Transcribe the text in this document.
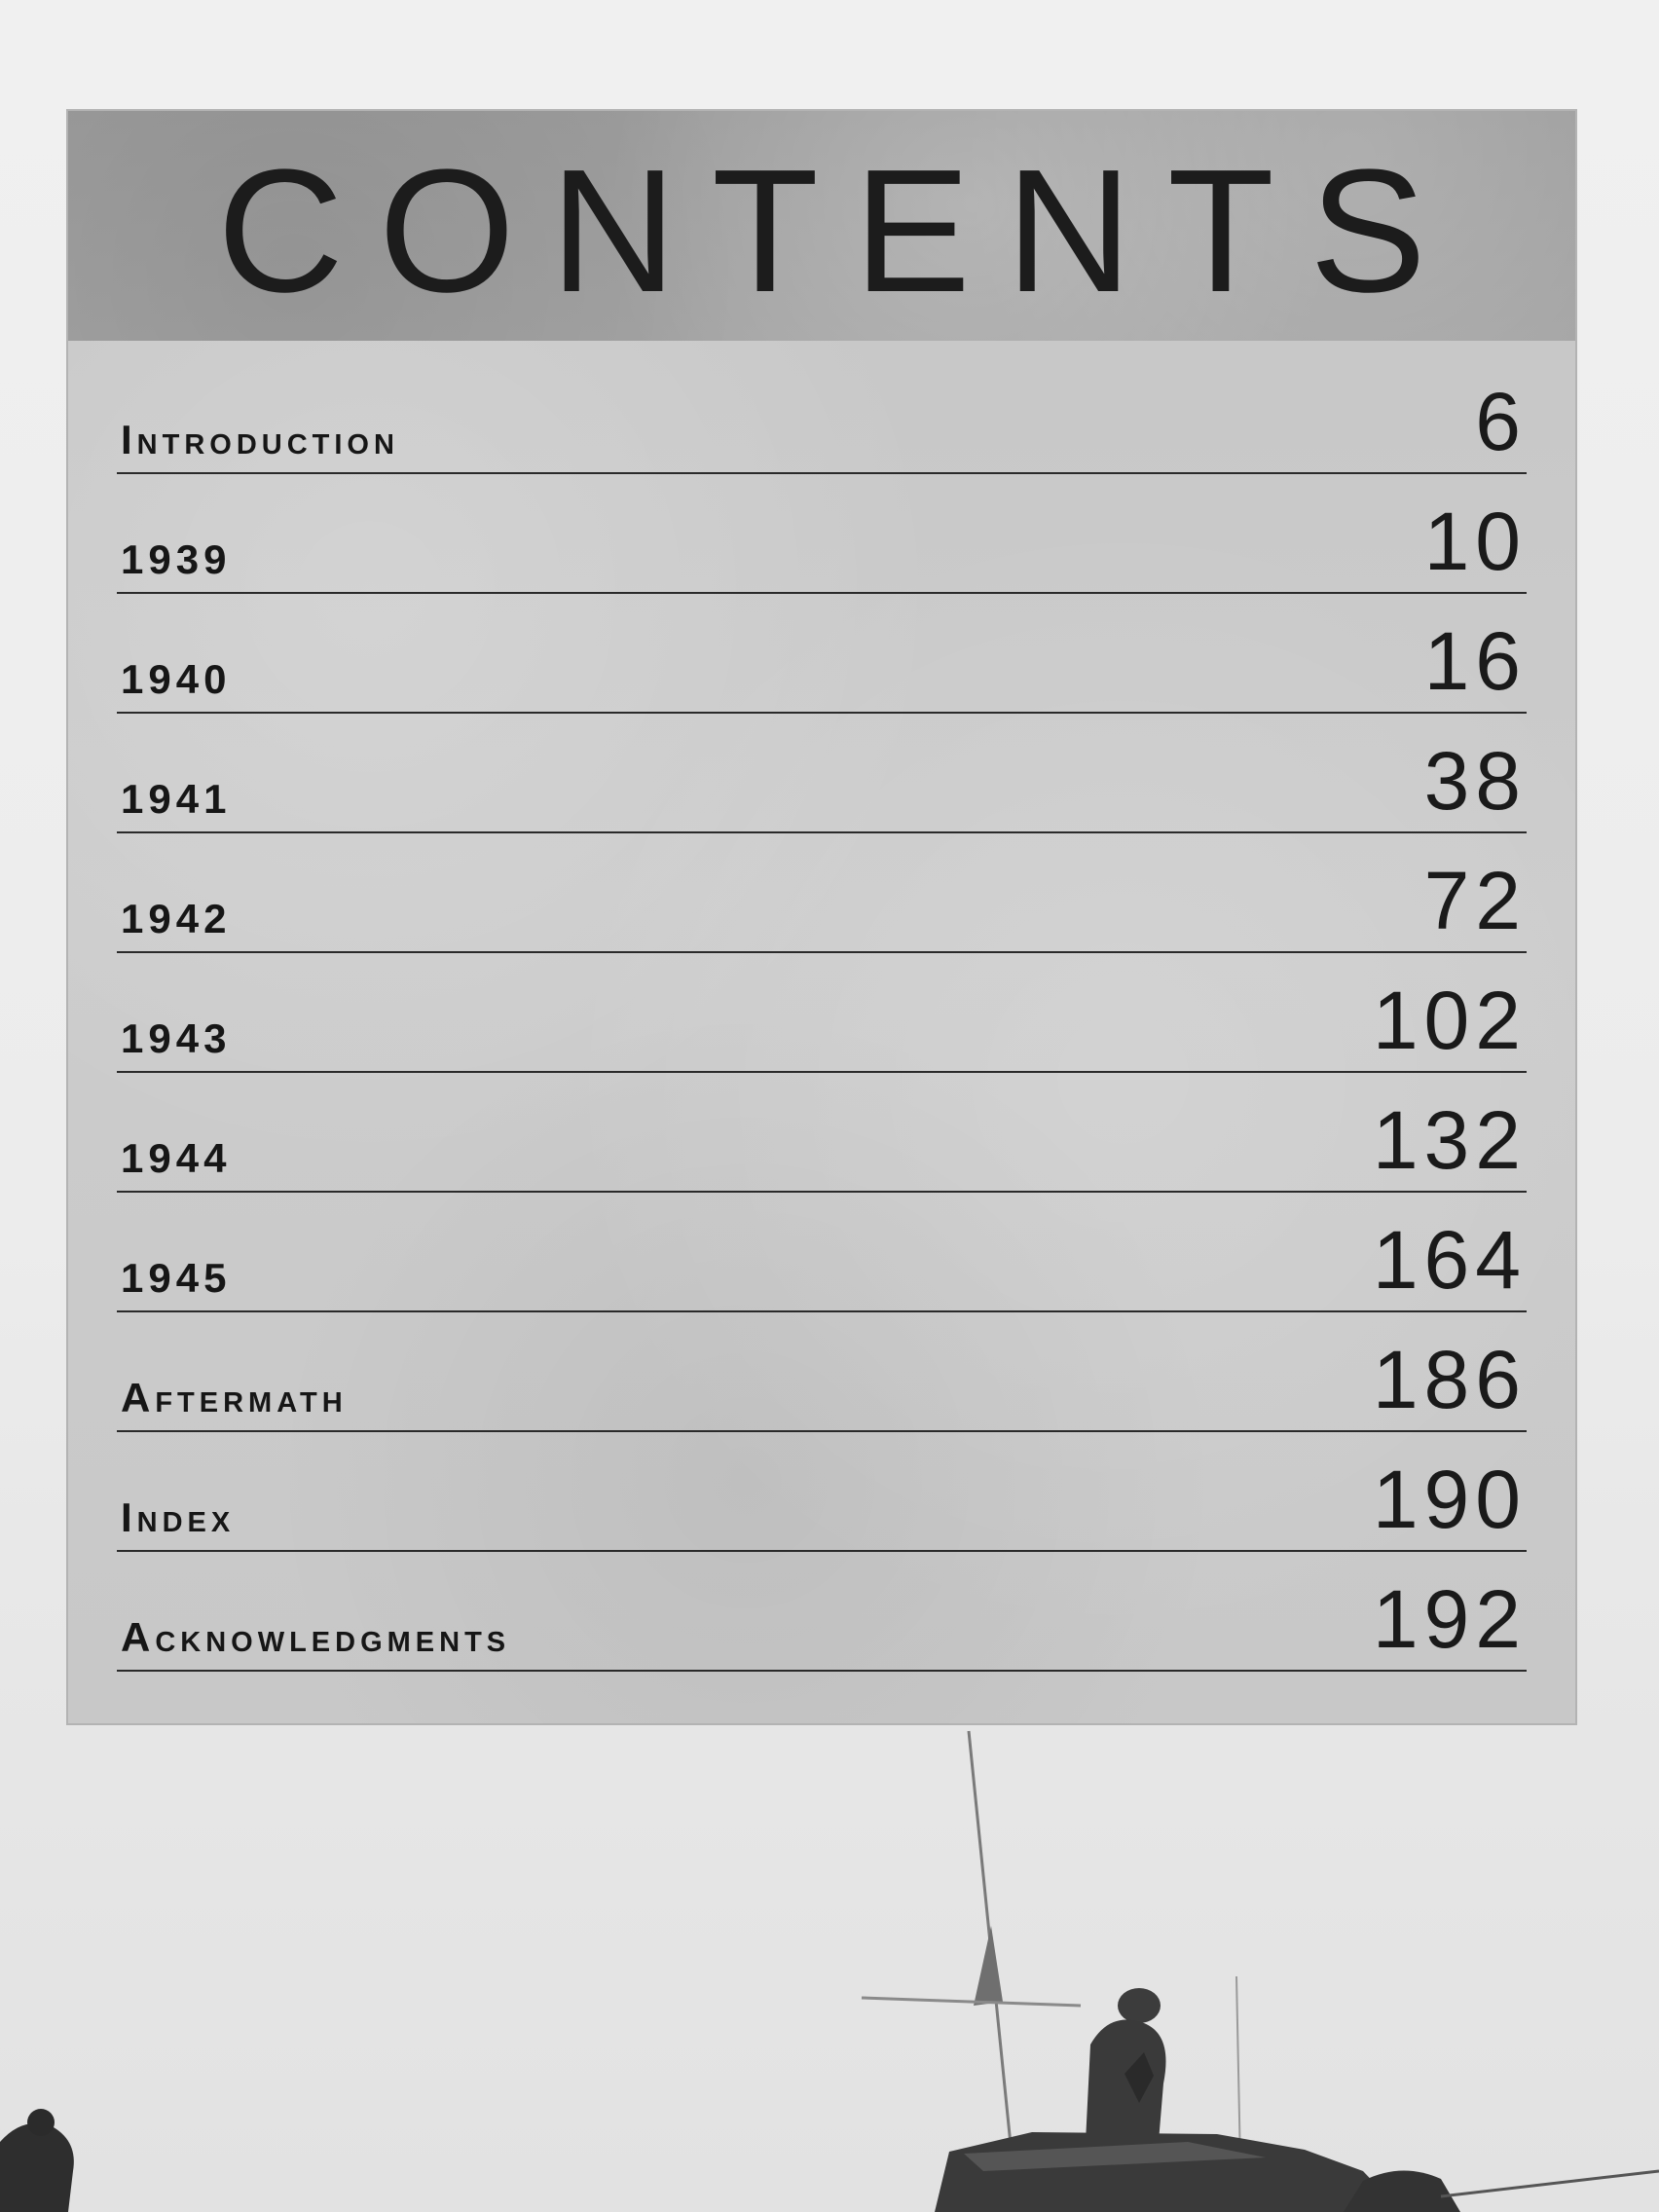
CONTENTS
Introduction	6
1939	10
1940	16
1941	38
1942	72
1943	102
1944	132
1945	164
Aftermath	186
Index	190
Acknowledgments	192
